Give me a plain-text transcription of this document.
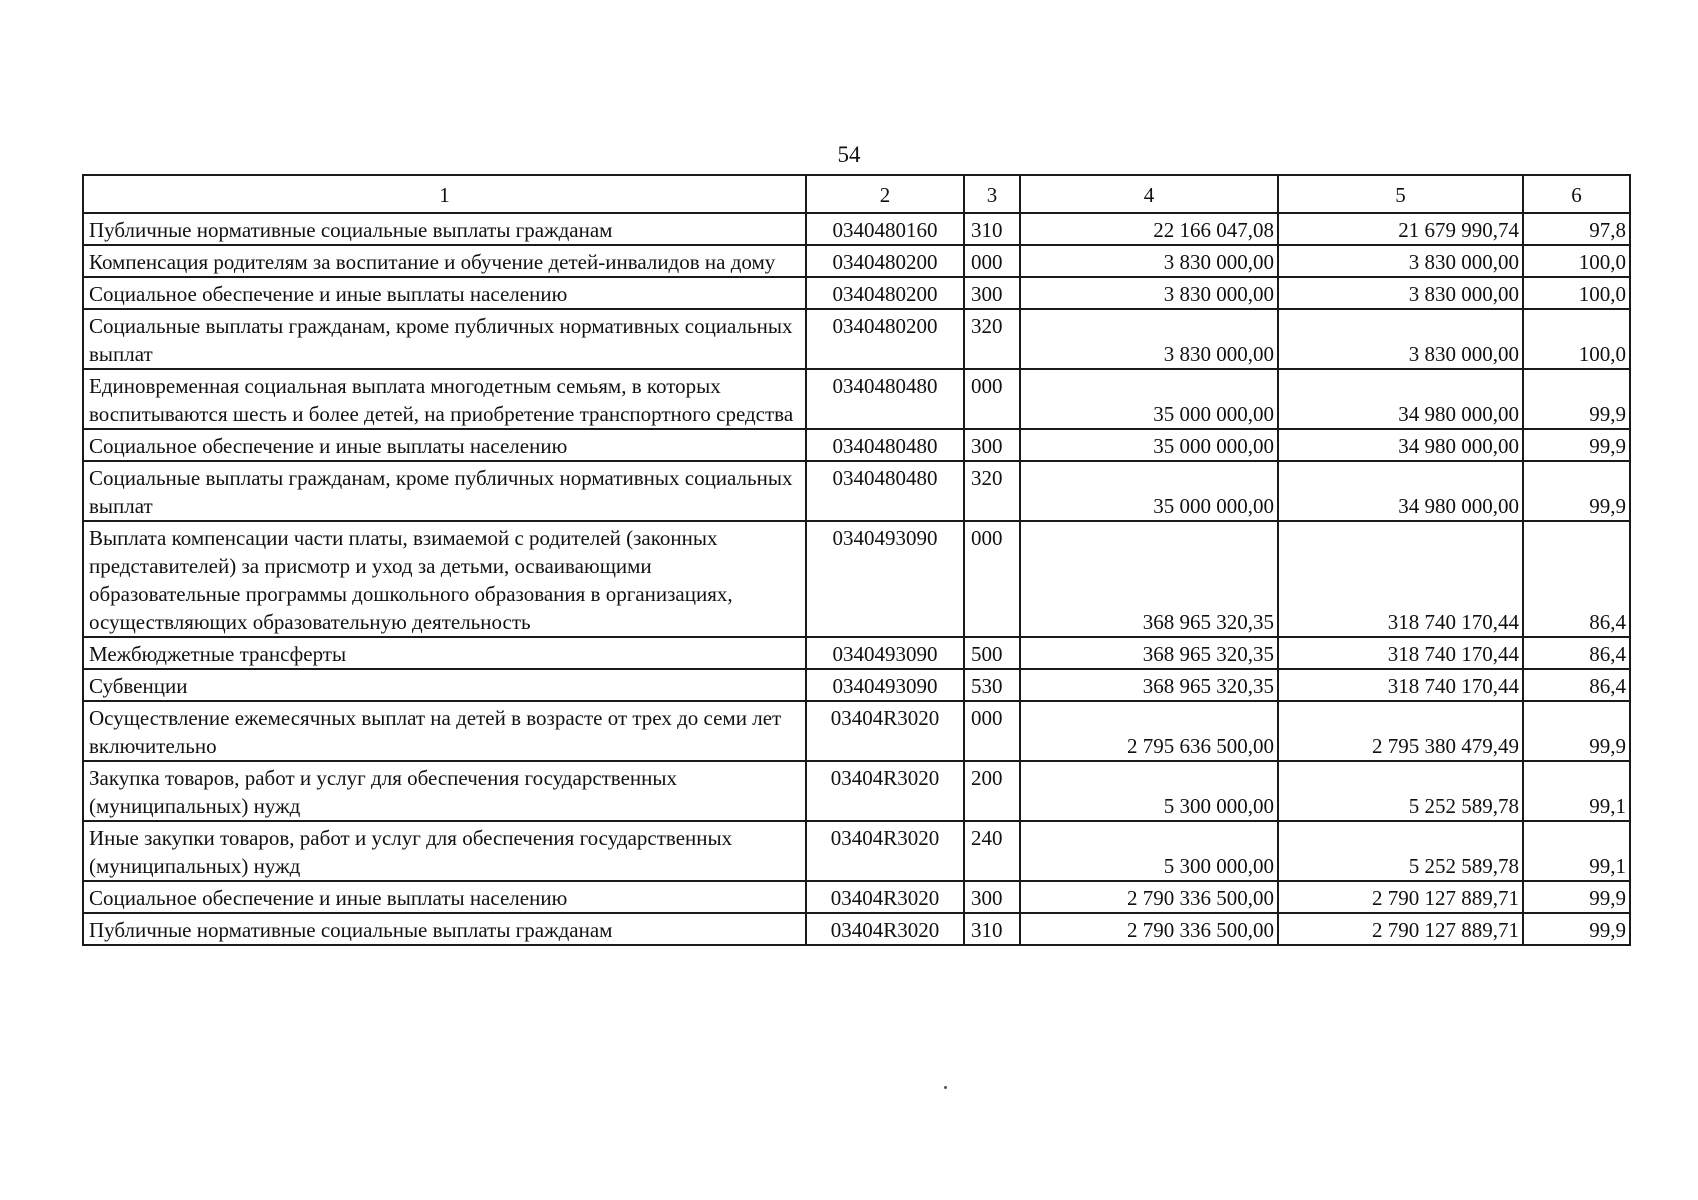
54
1	2	3	4	5	6
Публичные нормативные социальные выплаты гражданам	0340480160	310	22 166 047,08	21 679 990,74	97,8
Компенсация родителям за воспитание и обучение детей-инвалидов на дому	0340480200	000	3 830 000,00	3 830 000,00	100,0
Социальное обеспечение и иные выплаты населению	0340480200	300	3 830 000,00	3 830 000,00	100,0
Социальные выплаты гражданам, кроме публичных нормативных социальных выплат	0340480200	320	3 830 000,00	3 830 000,00	100,0
Единовременная социальная выплата многодетным семьям, в которых воспитываются шесть и более детей, на приобретение транспортного средства	0340480480	000	35 000 000,00	34 980 000,00	99,9
Социальное обеспечение и иные выплаты населению	0340480480	300	35 000 000,00	34 980 000,00	99,9
Социальные выплаты гражданам, кроме публичных нормативных социальных выплат	0340480480	320	35 000 000,00	34 980 000,00	99,9
Выплата компенсации части платы, взимаемой с родителей (законных представителей) за присмотр и уход за детьми, осваивающими образовательные программы дошкольного образования в организациях, осуществляющих образовательную деятельность	0340493090	000	368 965 320,35	318 740 170,44	86,4
Межбюджетные трансферты	0340493090	500	368 965 320,35	318 740 170,44	86,4
Субвенции	0340493090	530	368 965 320,35	318 740 170,44	86,4
Осуществление ежемесячных выплат на детей в возрасте от трех до семи лет включительно	03404R3020	000	2 795 636 500,00	2 795 380 479,49	99,9
Закупка товаров, работ и услуг для обеспечения государственных (муниципальных) нужд	03404R3020	200	5 300 000,00	5 252 589,78	99,1
Иные закупки товаров, работ и услуг для обеспечения государственных (муниципальных) нужд	03404R3020	240	5 300 000,00	5 252 589,78	99,1
Социальное обеспечение и иные выплаты населению	03404R3020	300	2 790 336 500,00	2 790 127 889,71	99,9
Публичные нормативные социальные выплаты гражданам	03404R3020	310	2 790 336 500,00	2 790 127 889,71	99,9
